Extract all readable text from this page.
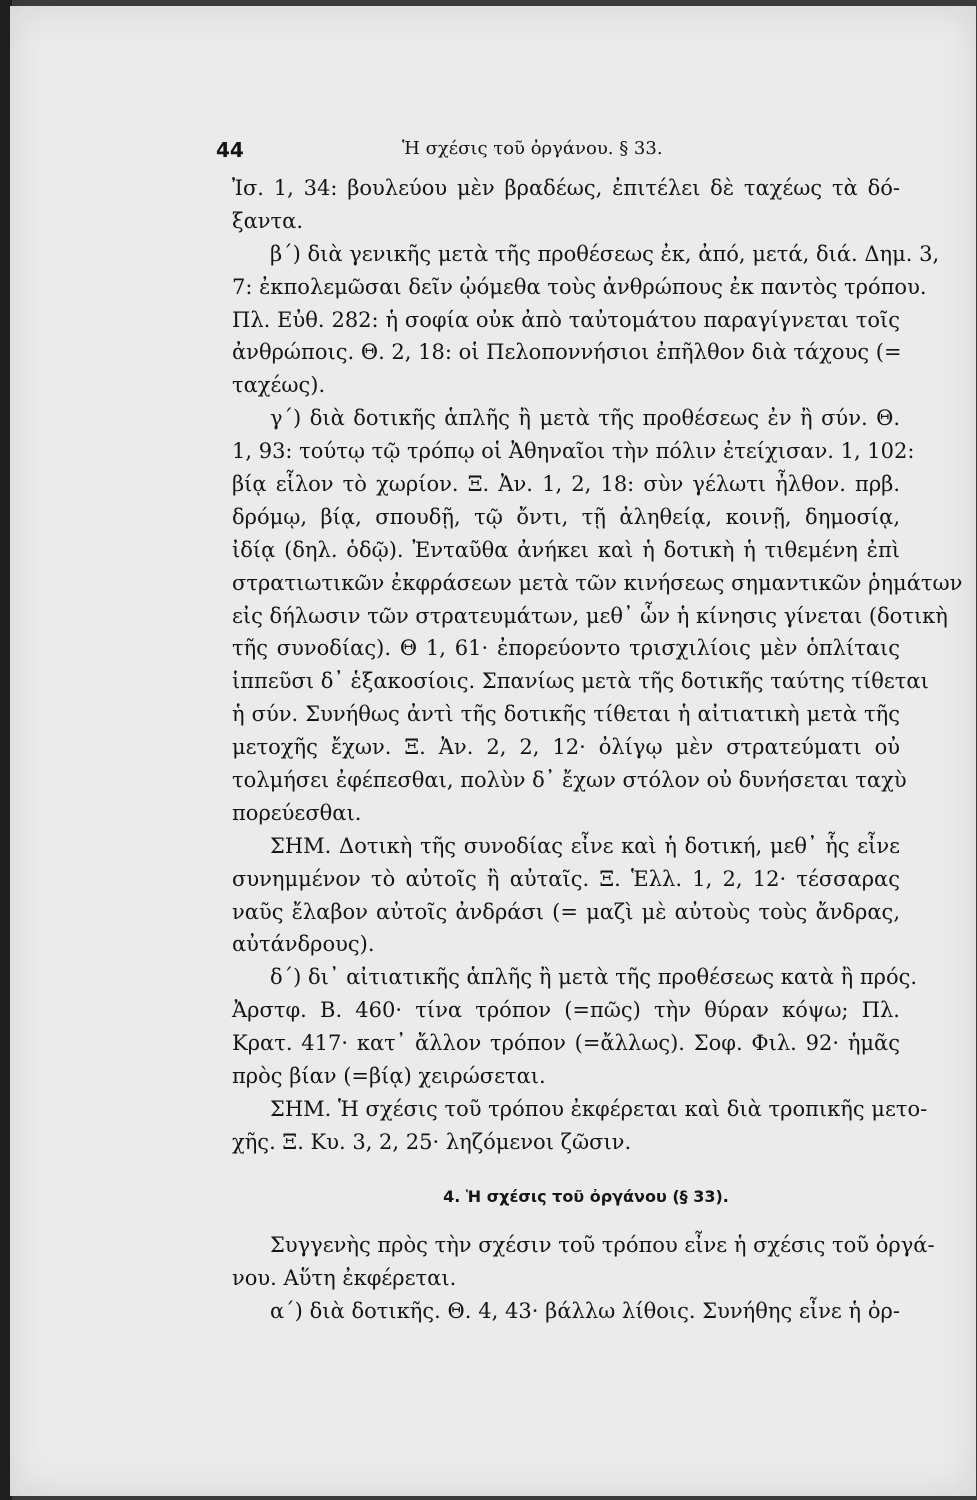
44	Ἡ σχέσις τοῦ ὀργάνου. § 33.
Ἰσ. 1, 34: βουλεύου μὲν βραδέως, ἐπιτέλει δὲ ταχέως τὰ δό-
ξαντα.
β΄) διὰ γενικῆς μετὰ τῆς προθέσεως ἐκ, ἀπό, μετά, διά. Δημ. 3,
7: ἐκπολεμῶσαι δεῖν ᾠόμεθα τοὺς ἀνθρώπους ἐκ παντὸς τρόπου.
Πλ. Εὐθ. 282: ἡ σοφία οὐκ ἀπὸ ταὐτομάτου παραγίγνεται τοῖς
ἀνθρώποις. Θ. 2, 18: οἱ Πελοποννήσιοι ἐπῆλθον διὰ τάχους (=
ταχέως).
γ΄) διὰ δοτικῆς ἁπλῆς ἢ μετὰ τῆς προθέσεως ἐν ἢ σύν. Θ.
1, 93: τούτῳ τῷ τρόπῳ οἱ Ἀθηναῖοι τὴν πόλιν ἐτείχισαν. 1, 102:
βίᾳ εἷλον τὸ χωρίον. Ξ. Ἀν. 1, 2, 18: σὺν γέλωτι ἦλθον. πρβ.
δρόμῳ, βίᾳ, σπουδῇ, τῷ ὄντι, τῇ ἀληθείᾳ, κοινῇ, δημοσίᾳ,
ἰδίᾳ (δηλ. ὁδῷ). Ἐνταῦθα ἀνήκει καὶ ἡ δοτικὴ ἡ τιθεμένη ἐπὶ
στρατιωτικῶν ἐκφράσεων μετὰ τῶν κινήσεως σημαντικῶν ῥημάτων
εἰς δήλωσιν τῶν στρατευμάτων, μεθ᾽ ὧν ἡ κίνησις γίνεται (δοτικὴ
τῆς συνοδίας). Θ 1, 61· ἐπορεύοντο τρισχιλίοις μὲν ὁπλίταις
ἱππεῦσι δ᾽ ἑξακοσίοις. Σπανίως μετὰ τῆς δοτικῆς ταύτης τίθεται
ἡ σύν. Συνήθως ἀντὶ τῆς δοτικῆς τίθεται ἡ αἰτιατικὴ μετὰ τῆς
μετοχῆς ἔχων. Ξ. Ἀν. 2, 2, 12· ὀλίγῳ μὲν στρατεύματι οὐ
τολμήσει ἐφέπεσθαι, πολὺν δ᾽ ἔχων στόλον οὐ δυνήσεται ταχὺ
πορεύεσθαι.
ΣΗΜ. Δοτικὴ τῆς συνοδίας εἶνε καὶ ἡ δοτική, μεθ᾽ ἧς εἶνε
συνημμένον τὸ αὐτοῖς ἢ αὐταῖς. Ξ. Ἑλλ. 1, 2, 12· τέσσαρας
ναῦς ἔλαβον αὐτοῖς ἀνδράσι (= μαζὶ μὲ αὐτοὺς τοὺς ἄνδρας,
αὐτάνδρους).
δ΄) δι᾽ αἰτιατικῆς ἁπλῆς ἢ μετὰ τῆς προθέσεως κατὰ ἢ πρός.
Ἀρστφ. Β. 460· τίνα τρόπον (=πῶς) τὴν θύραν κόψω; Πλ.
Κρατ. 417· κατ᾽ ἄλλον τρόπον (=ἄλλως). Σοφ. Φιλ. 92· ἡμᾶς
πρὸς βίαν (=βίᾳ) χειρώσεται.
ΣΗΜ. Ἡ σχέσις τοῦ τρόπου ἐκφέρεται καὶ διὰ τροπικῆς μετο-
χῆς. Ξ. Κυ. 3, 2, 25· ληζόμενοι ζῶσιν.
4. Ἡ σχέσις τοῦ ὀργάνου (§ 33).
Συγγενὴς πρὸς τὴν σχέσιν τοῦ τρόπου εἶνε ἡ σχέσις τοῦ ὀργά-
νου. Αὕτη ἐκφέρεται.
α΄) διὰ δοτικῆς. Θ. 4, 43· βάλλω λίθοις. Συνήθης εἶνε ἡ ὀρ-
